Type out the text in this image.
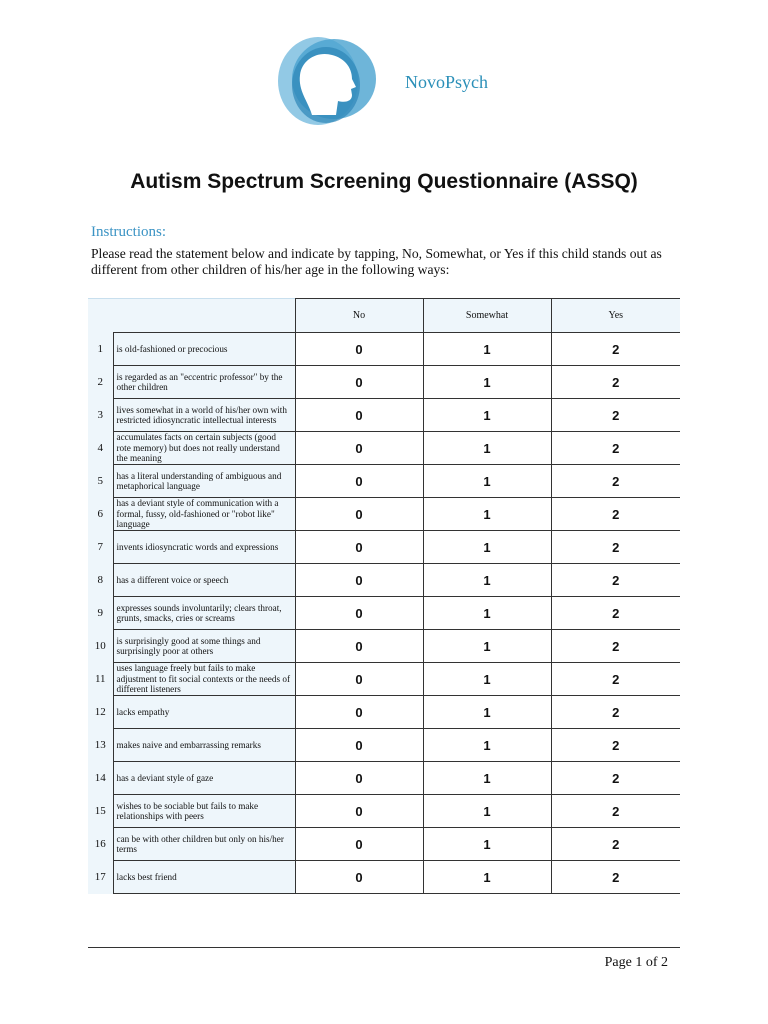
NovoPsych
Autism Spectrum Screening Questionnaire (ASSQ)
Instructions:
Please read the statement below and indicate by tapping, No, Somewhat, or Yes if this child stands out as different from other children of his/her age in the following ways:
		No	Somewhat	Yes
1	is old-fashioned or precocious	0	1	2
2	is regarded as an "eccentric professor" by the other children	0	1	2
3	lives somewhat in a world of his/her own with restricted idiosyncratic intellectual interests	0	1	2
4	accumulates facts on certain subjects (good rote memory) but does not really understand the meaning	0	1	2
5	has a literal understanding of ambiguous and metaphorical language	0	1	2
6	has a deviant style of communication with a formal, fussy, old-fashioned or "robot like" language	0	1	2
7	invents idiosyncratic words and expressions	0	1	2
8	has a different voice or speech	0	1	2
9	expresses sounds involuntarily; clears throat, grunts, smacks, cries or screams	0	1	2
10	is surprisingly good at some things and surprisingly poor at others	0	1	2
11	uses language freely but fails to make adjustment to fit social contexts or the needs of different listeners	0	1	2
12	lacks empathy	0	1	2
13	makes naive and embarrassing remarks	0	1	2
14	has a deviant style of gaze	0	1	2
15	wishes to be sociable but fails to make relationships with peers	0	1	2
16	can be with other children but only on his/her terms	0	1	2
17	lacks best friend	0	1	2
Page 1 of 2
